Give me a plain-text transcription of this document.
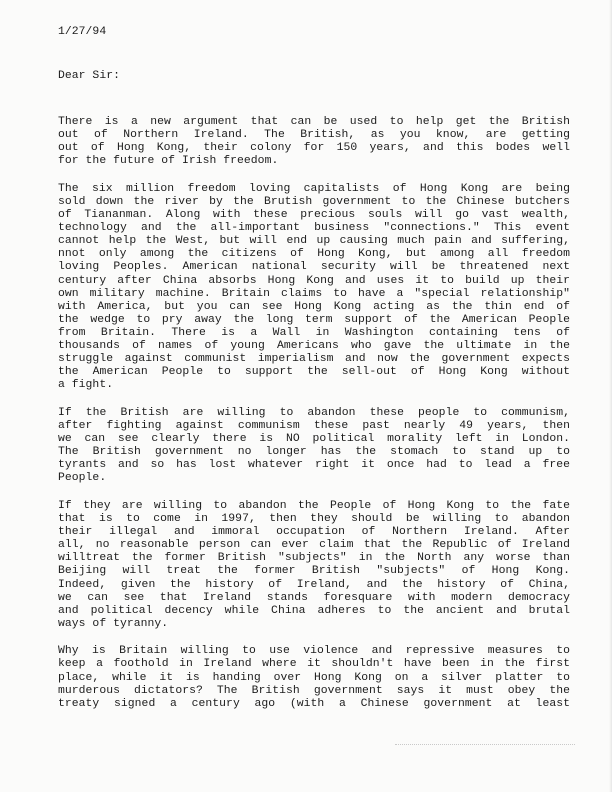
1/27/94

Dear Sir:

There is a new argument that can be used to help get the British
out of Northern Ireland. The British, as you know, are getting
out of Hong Kong, their colony for 150 years, and this bodes well
for the future of Irish freedom.

The six million freedom loving capitalists of Hong Kong are being
sold down the river by the Brutish government to the Chinese butchers
of Tiananman. Along with these precious souls will go vast wealth,
technology and the all-important business "connections." This event
cannot help the West, but will end up causing much pain and suffering,
nnot only among the citizens of Hong Kong, but among all freedom
loving Peoples. American national security will be threatened next
century after China absorbs Hong Kong and uses it to build up their
own military machine. Britain claims to have a "special relationship"
with America, but you can see Hong Kong acting as the thin end of
the wedge to pry away the long term support of the American People
from Britain. There is a Wall in Washington containing tens of
thousands of names of young Americans who gave the ultimate in the
struggle against communist imperialism and now the government expects
the American People to support the sell-out of Hong Kong without
a fight.

If the British are willing to abandon these people to communism,
after fighting against communism these past nearly 49 years, then
we can see clearly there is NO political morality left in London.
The British government no longer has the stomach to stand up to
tyrants and so has lost whatever right it once had to lead a free
People.

If they are willing to abandon the People of Hong Kong to the fate
that is to come in 1997, then they should be willing to abandon
their illegal and immoral occupation of Northern Ireland. After
all, no reasonable person can ever claim that the Republic of Ireland
willtreat the former British "subjects" in the North any worse than
Beijing will treat the former British "subjects" of Hong Kong.
Indeed, given the history of Ireland, and the history of China,
we can see that Ireland stands foresquare with modern democracy
and political decency while China adheres to the ancient and brutal
ways of tyranny.

Why is Britain willing to use violence and repressive measures to
keep a foothold in Ireland where it shouldn't have been in the first
place, while it is handing over Hong Kong on a silver platter to
murderous dictators? The British government says it must obey the
treaty signed a century ago (with a Chinese government at least
